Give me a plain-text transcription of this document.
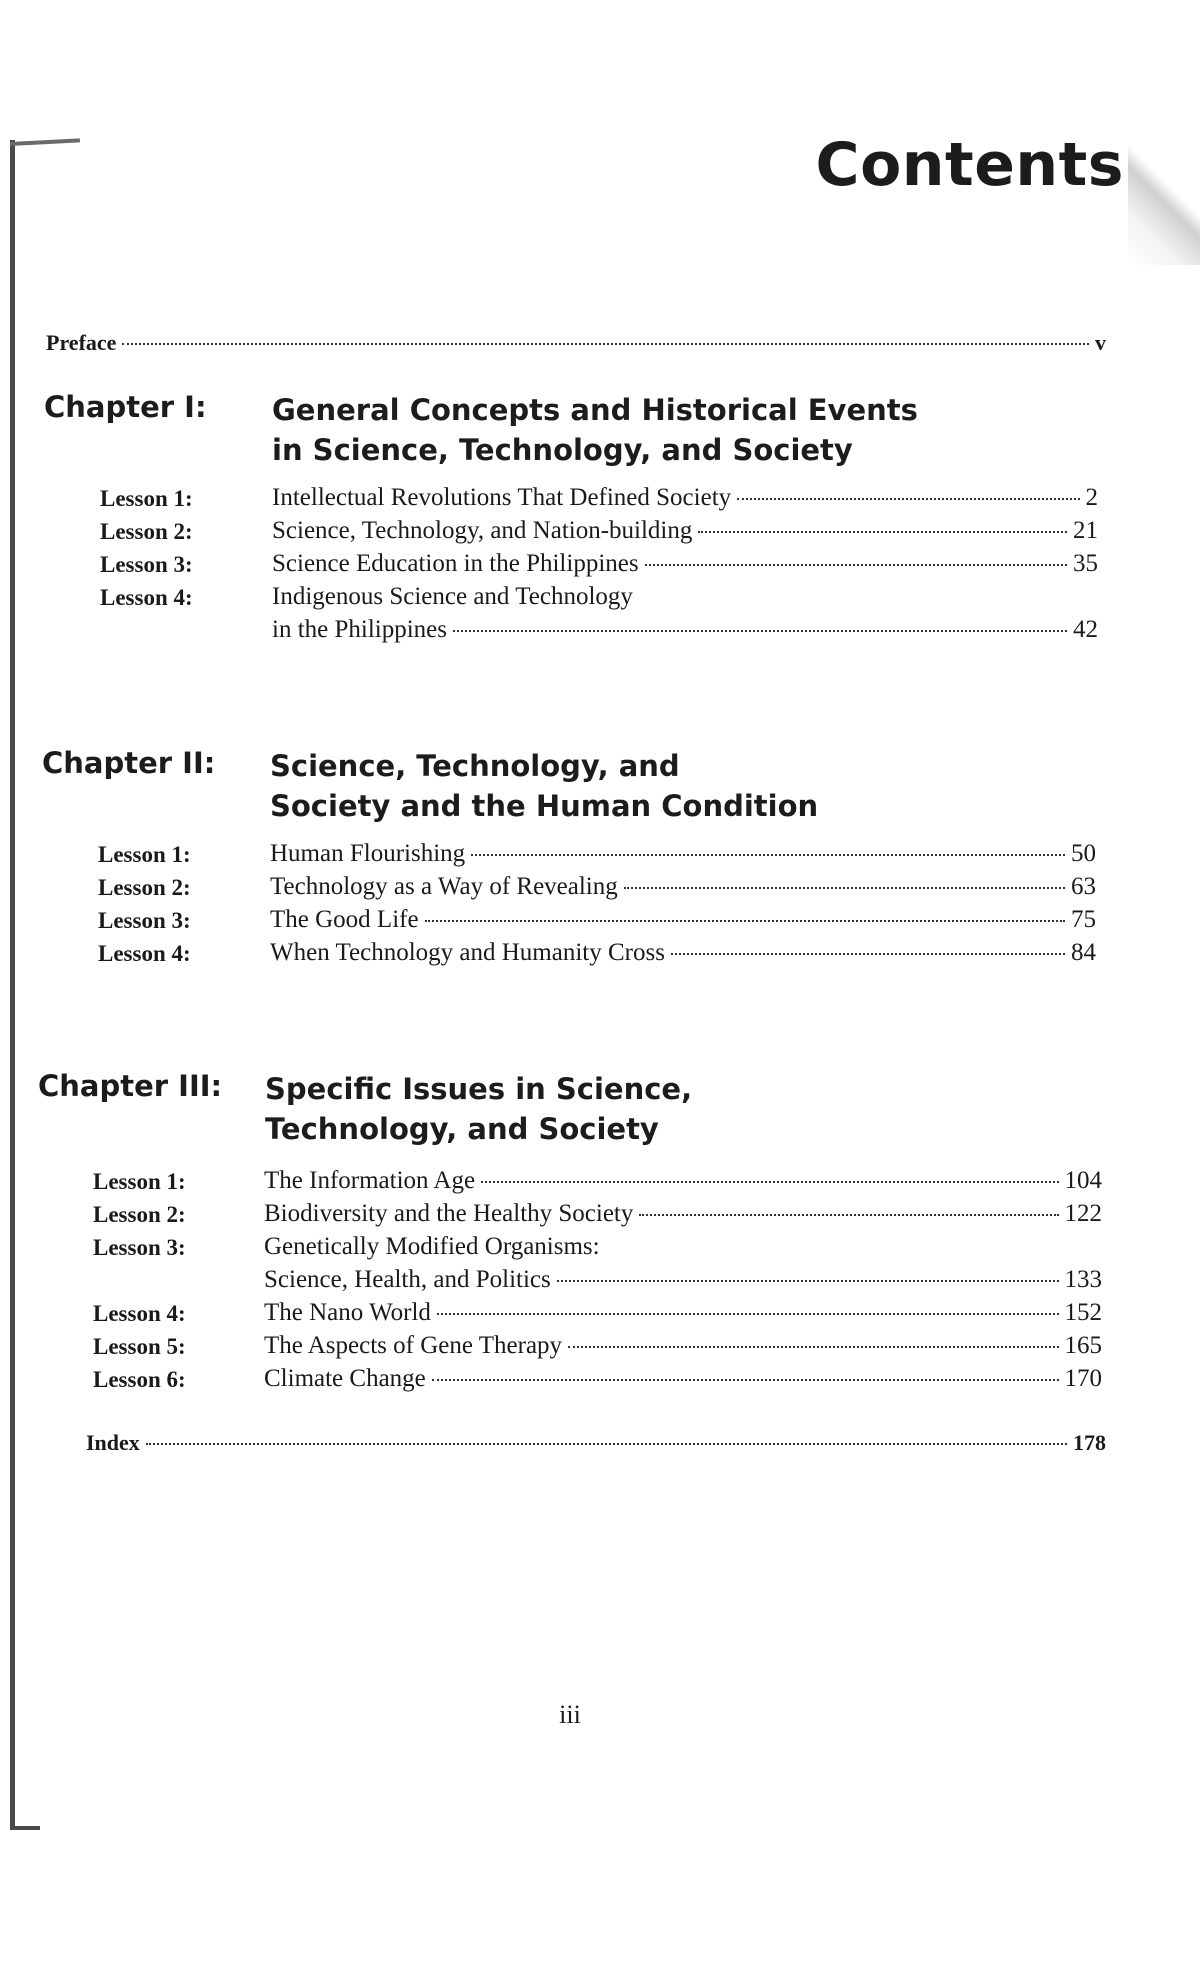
Contents
Preface	v
Chapter I: General Concepts and Historical Events
in Science, Technology, and Society
Lesson 1:	Intellectual Revolutions That Defined Society	2
Lesson 2:	Science, Technology, and Nation-building	21
Lesson 3:	Science Education in the Philippines	35
Lesson 4:	Indigenous Science and Technology
in the Philippines	42
Chapter II: Science, Technology, and
Society and the Human Condition
Lesson 1:	Human Flourishing	50
Lesson 2:	Technology as a Way of Revealing	63
Lesson 3:	The Good Life	75
Lesson 4:	When Technology and Humanity Cross	84
Chapter III: Specific Issues in Science,
Technology, and Society
Lesson 1:	The Information Age	104
Lesson 2:	Biodiversity and the Healthy Society	122
Lesson 3:	Genetically Modified Organisms:
Science, Health, and Politics	133
Lesson 4:	The Nano World	152
Lesson 5:	The Aspects of Gene Therapy	165
Lesson 6:	Climate Change	170
Index	178
iii
